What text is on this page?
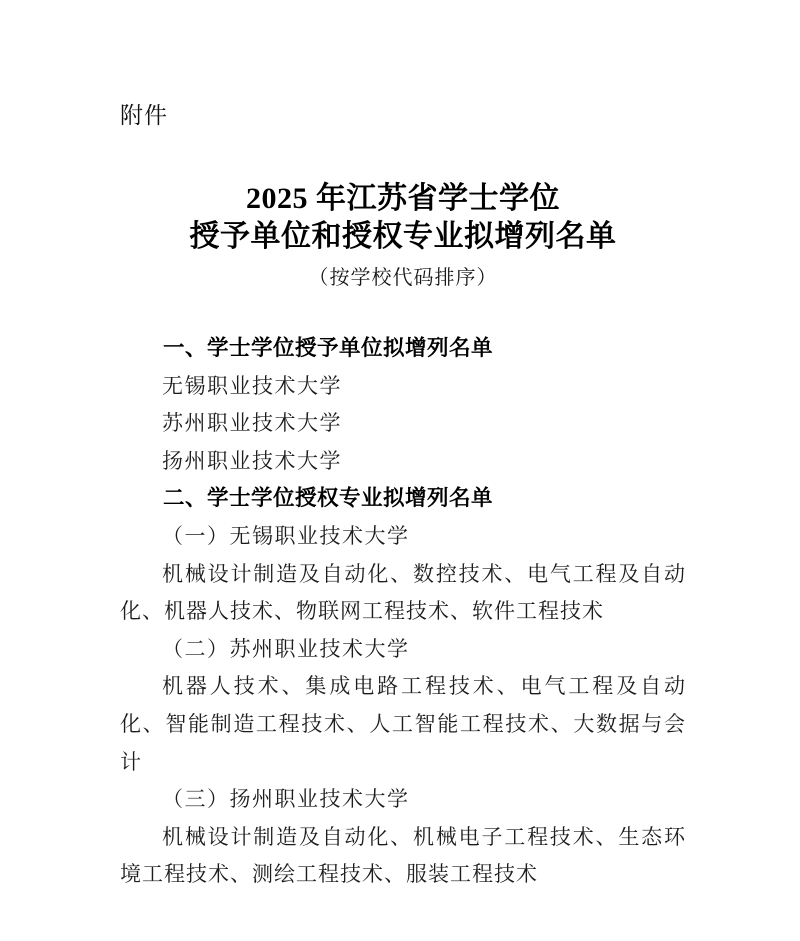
附件
2025 年江苏省学士学位
授予单位和授权专业拟增列名单
（按学校代码排序）
一、学士学位授予单位拟增列名单
无锡职业技术大学
苏州职业技术大学
扬州职业技术大学
二、学士学位授权专业拟增列名单
（一）无锡职业技术大学
机械设计制造及自动化、数控技术、电气工程及自动化、机器人技术、物联网工程技术、软件工程技术
（二）苏州职业技术大学
机器人技术、集成电路工程技术、电气工程及自动化、智能制造工程技术、人工智能工程技术、大数据与会计
（三）扬州职业技术大学
机械设计制造及自动化、机械电子工程技术、生态环境工程技术、测绘工程技术、服装工程技术
